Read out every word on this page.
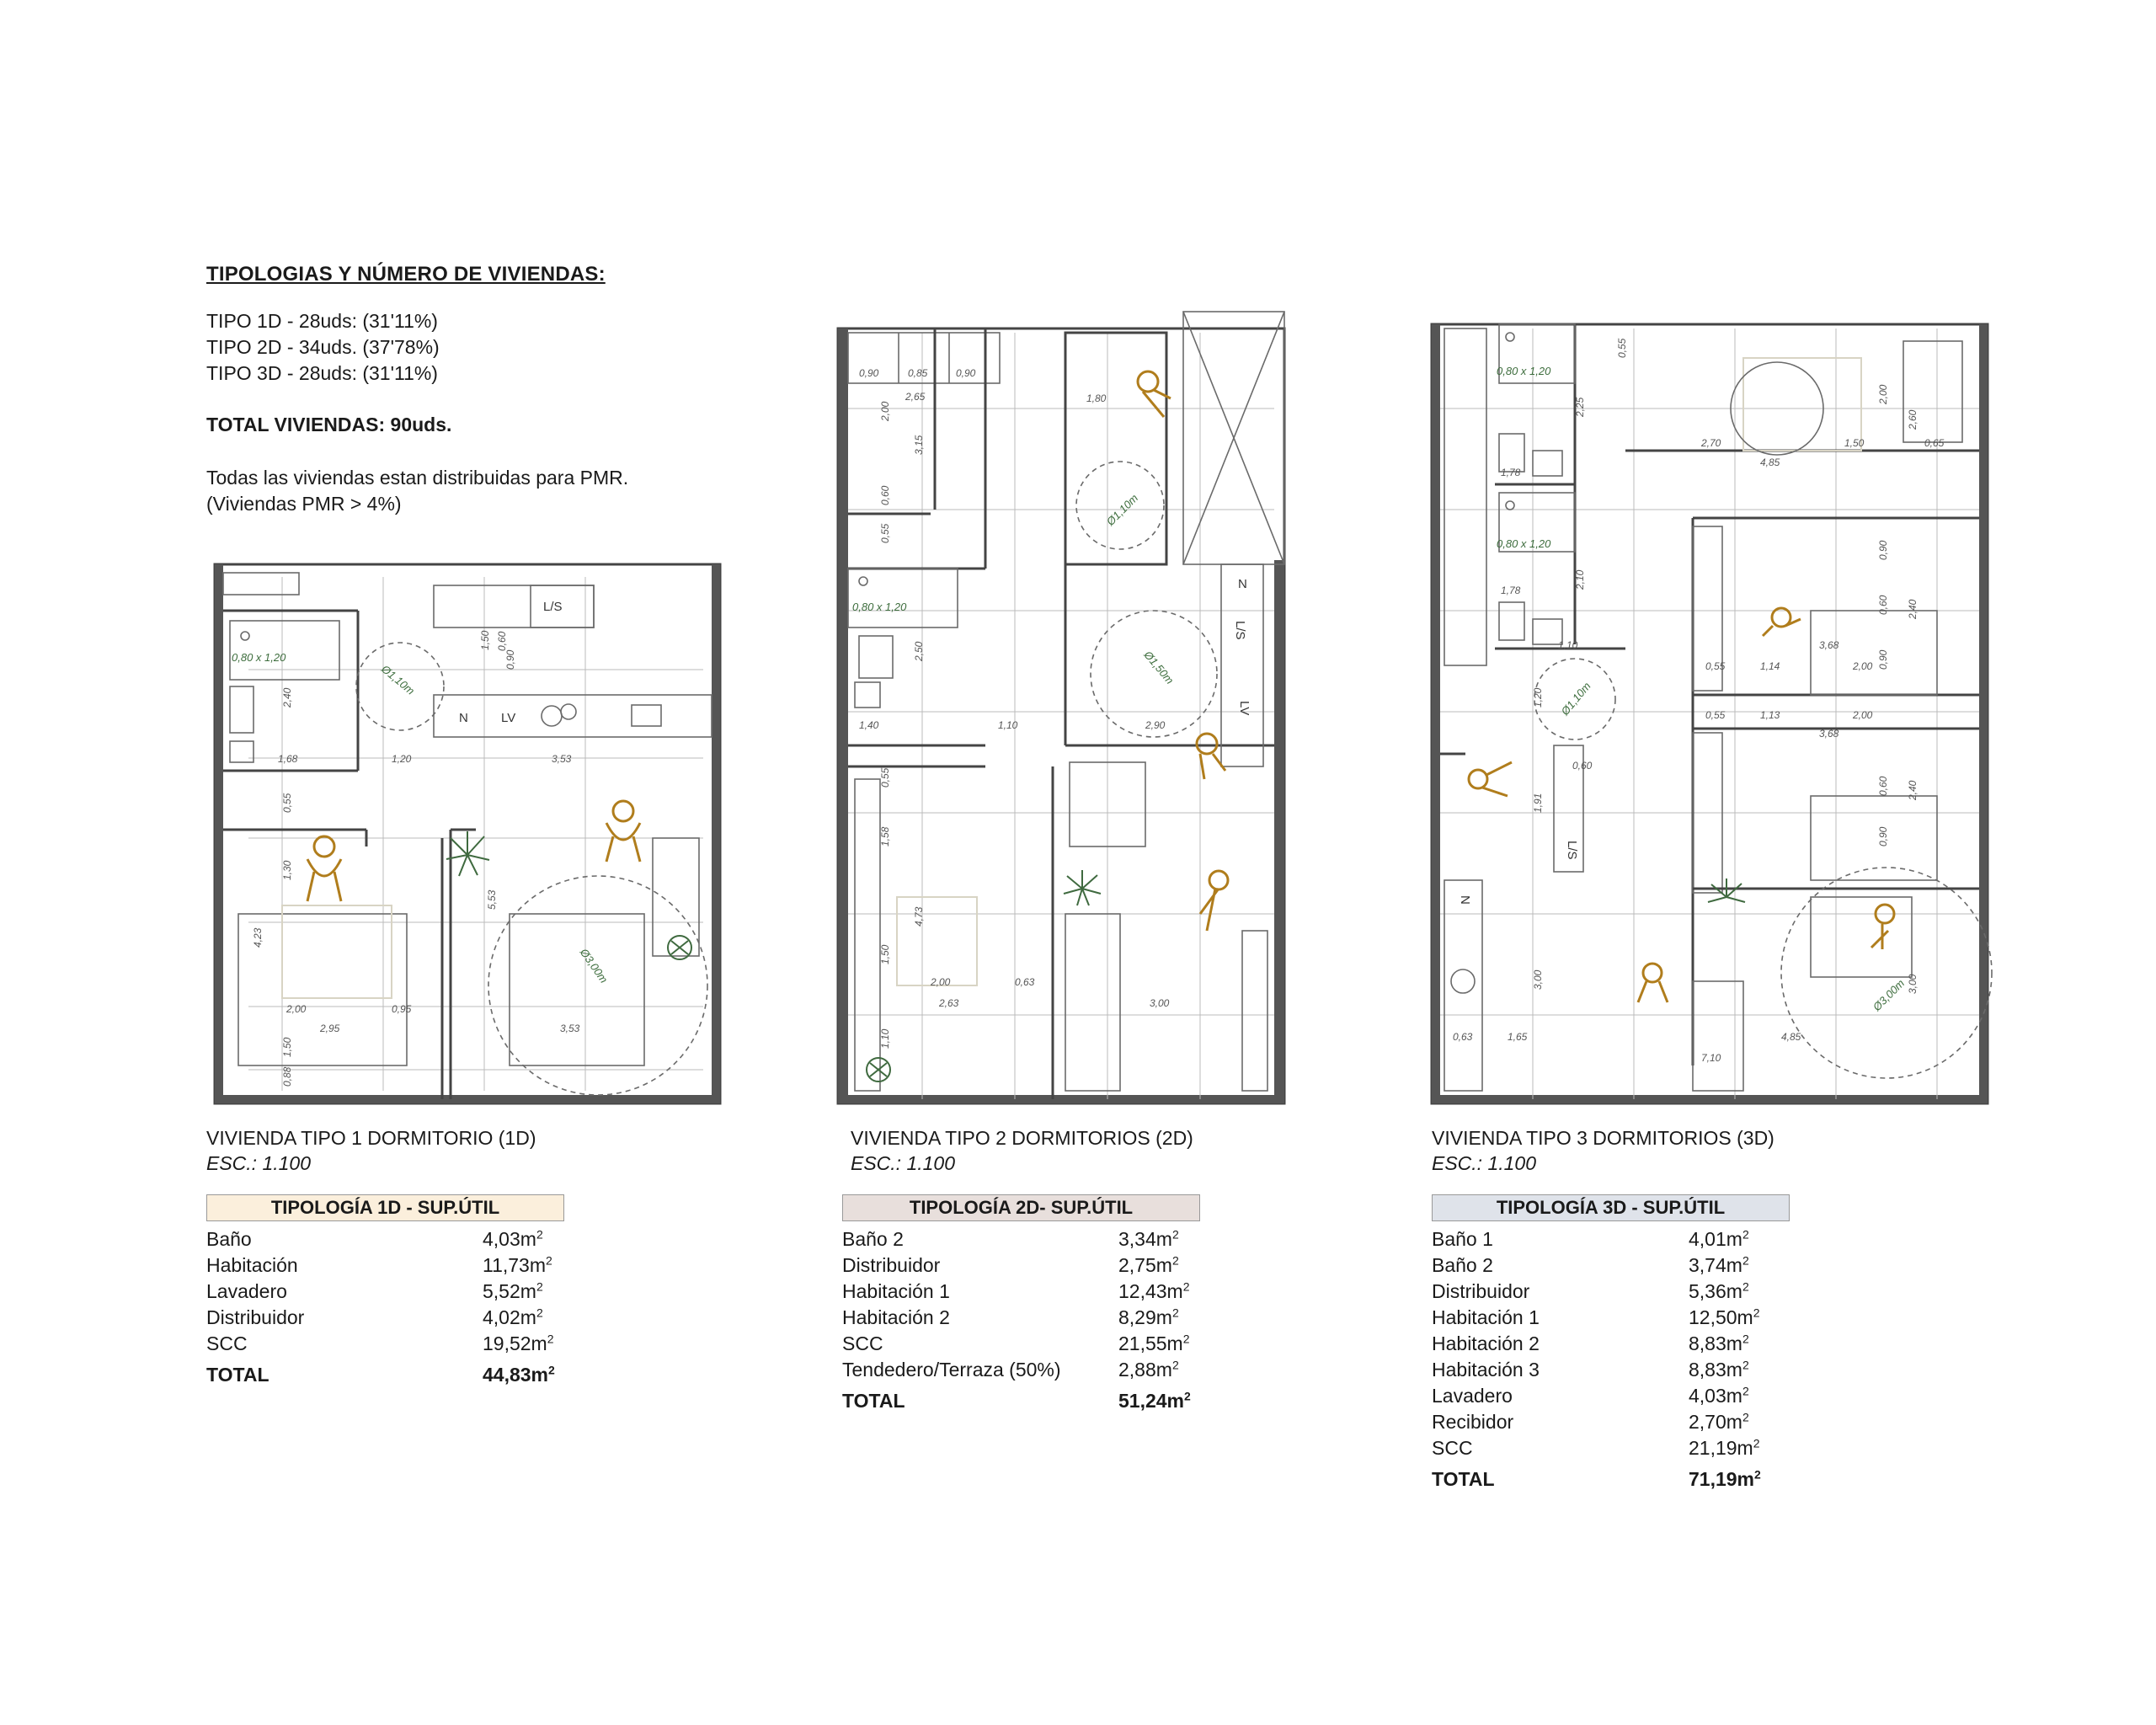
TIPOLOGIAS Y NÚMERO DE VIVIENDAS:
TIPO 1D - 28uds: (31'11%)
TIPO 2D - 34uds. (37'78%)
TIPO 3D - 28uds: (31'11%)
TOTAL VIVIENDAS: 90uds.
Todas las viviendas estan distribuidas para PMR.
(Viviendas PMR > 4%)
0,80 x 1,20
Ø1,10m
L/S
N	LV
Ø3,00m
0,60
1,50
0,90
2,40
1,68	1,20	3,53
0,55
1,30
4,23
2,00	0,95
2,95	3,53
1,50
0,88
5,53
0,80 x 1,20
Ø1,10m
N
L/S
LV
Ø1,50m
0,90	0,85	0,90
2,65	1,80
2,00
3,15
0,60
0,55
2,50
1,40	1,10	2,90
0,55
1,58
4,73
1,50
2,00	0,63
2,63	3,00
1,10
0,80 x 1,20
0,80 x 1,20
Ø1,10m
L/S
N
Ø3,00m
0,55
2,25
2,00
2,60
2,70	1,50	0,65
1,78
4,85
2,10
0,90
1,78
0,60 2,40
1,10	3,68
0,55	1,14	2,00 0,90
0,55	1,13	2,00
3,68
1,20
0,60
1,91
0,60 2,40
0,90
3,00
0,63	1,65	4,85
7,10
3,00
VIVIENDA TIPO 1 DORMITORIO (1D)
ESC.: 1.100
VIVIENDA TIPO 2 DORMITORIOS (2D)
ESC.: 1.100
VIVIENDA TIPO 3 DORMITORIOS (3D)
ESC.: 1.100
TIPOLOGÍA 1D - SUP.ÚTIL
Baño	$4,03m^2$
Habitación	$11,73m^2$
Lavadero	$5,52m^2$
Distribuidor	$4,02m^2$
SCC	$19,52m^2$
TOTAL	$44,83m^2$
TIPOLOGÍA 2D- SUP.ÚTIL
Baño 2	$3,34m^2$
Distribuidor	$2,75m^2$
Habitación 1	$12,43m^2$
Habitación 2	$8,29m^2$
SCC	$21,55m^2$
Tendedero/Terraza (50%)	$2,88m^2$
TOTAL	$51,24m^2$
TIPOLOGÍA 3D - SUP.ÚTIL
Baño 1	$4,01m^2$
Baño 2	$3,74m^2$
Distribuidor	$5,36m^2$
Habitación 1	$12,50m^2$
Habitación 2	$8,83m^2$
Habitación 3	$8,83m^2$
Lavadero	$4,03m^2$
Recibidor	$2,70m^2$
SCC	$21,19m^2$
TOTAL	$71,19m^2$
